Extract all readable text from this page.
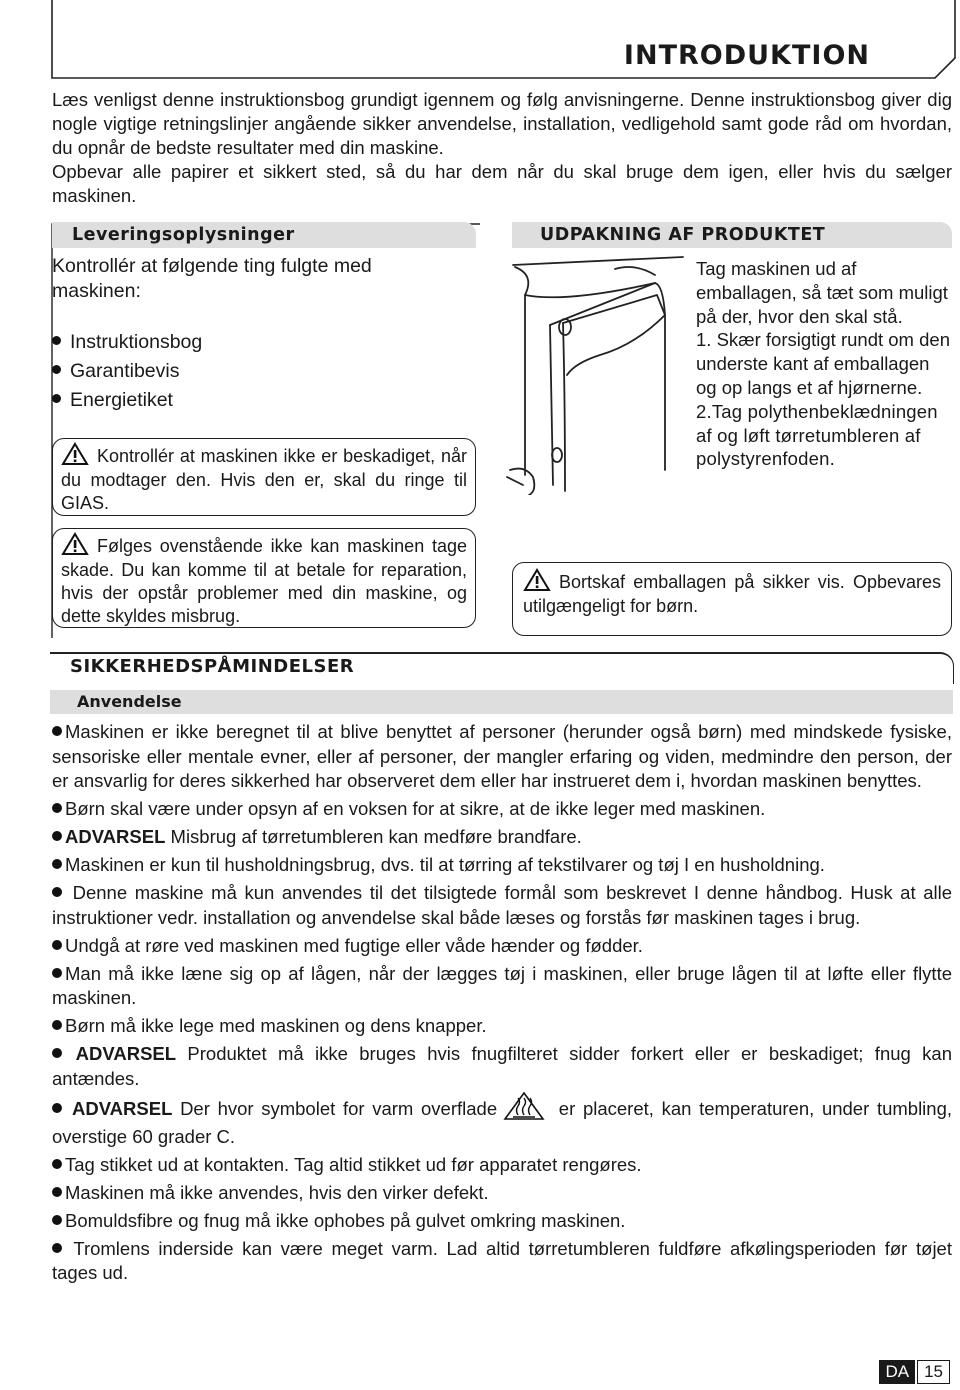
INTRODUKTION

Læs venligst denne instruktionsbog grundigt igennem og følg anvisningerne. Denne instruktionsbog giver dig nogle vigtige retningslinjer angående sikker anvendelse, installation, vedligehold samt gode råd om hvordan, du opnår de bedste resultater med din maskine.

Opbevar alle papirer et sikkert sted, så du har dem når du skal bruge dem igen, eller hvis du sælger maskinen.

Leveringsoplysninger
Kontrollér at følgende ting fulgte med maskinen:
Instruktionsbog
Garantibevis
Energietiket
Kontrollér at maskinen ikke er beskadiget, når du modtager den. Hvis den er, skal du ringe til GIAS.
Følges ovenstående ikke kan maskinen tage skade. Du kan komme til at betale for reparation, hvis der opstår problemer med din maskine, og dette skyldes misbrug.
UDPAKNING AF PRODUKTET

Tag maskinen ud af emballagen, så tæt som muligt på der, hvor den skal stå.

1. Skær forsigtigt rundt om den underste kant af emballagen og op langs et af hjørnerne.

2.Tag polythenbeklædningen af og løft tørretumbleren af polystyrenfoden.

Bortskaf emballagen på sikker vis. Opbevares utilgængeligt for børn.
SIKKERHEDSPÅMINDELSER
Anvendelse

Maskinen er ikke beregnet til at blive benyttet af personer (herunder også børn) med mindskede fysiske, sensoriske eller mentale evner, eller af personer, der mangler erfaring og viden, medmindre den person, der er ansvarlig for deres sikkerhed har observeret dem eller har instrueret dem i, hvordan maskinen benyttes.

Børn skal være under opsyn af en voksen for at sikre, at de ikke leger med maskinen.

ADVARSEL Misbrug af tørretumbleren kan medføre brandfare.

Maskinen er kun til husholdningsbrug, dvs. til at tørring af tekstilvarer og tøj I en husholdning.

Denne maskine må kun anvendes til det tilsigtede formål som beskrevet I denne håndbog. Husk at alle instruktioner vedr. installation og anvendelse skal både læses og forstås før maskinen tages i brug.

Undgå at røre ved maskinen med fugtige eller våde hænder og fødder.

Man må ikke læne sig op af lågen, når der lægges tøj i maskinen, eller bruge lågen til at løfte eller flytte maskinen.

Børn må ikke lege med maskinen og dens knapper.

ADVARSEL Produktet må ikke bruges hvis fnugfilteret sidder forkert eller er beskadiget; fnug kan antændes.

ADVARSEL Der hvor symbolet for varm overflade	er placeret, kan temperaturen, under tumbling, overstige 60 grader C.

Tag stikket ud at kontakten. Tag altid stikket ud før apparatet rengøres.

Maskinen må ikke anvendes, hvis den virker defekt.

Bomuldsfibre og fnug må ikke ophobes på gulvet omkring maskinen.

Tromlens inderside kan være meget varm. Lad altid tørretumbleren fuldføre afkølingsperioden før tøjet tages ud.

DA 15
